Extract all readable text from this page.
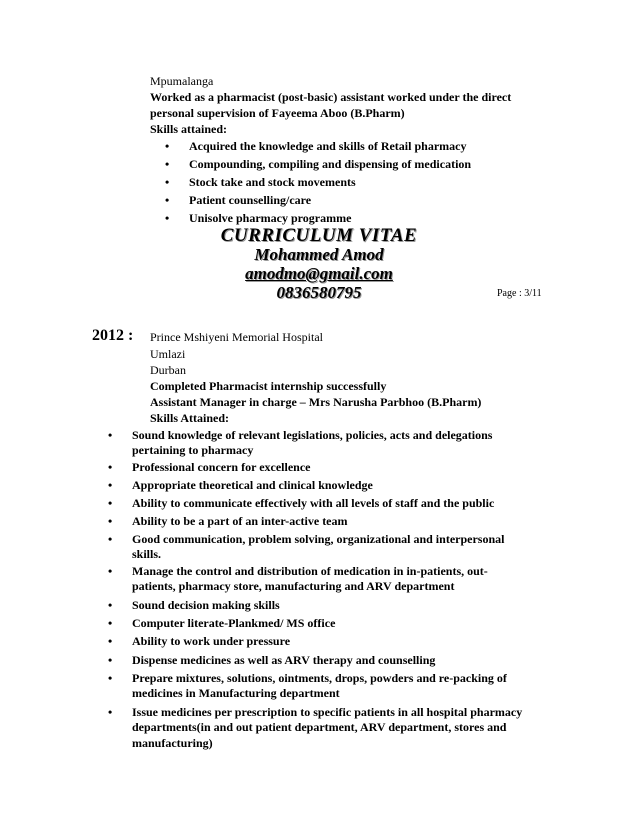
Mpumalanga
Worked as a pharmacist (post-basic) assistant worked under the direct
personal supervision of Fayeema Aboo (B.Pharm)
Skills attained:
• Acquired the knowledge and skills of Retail pharmacy
• Compounding, compiling and dispensing of medication
• Stock take and stock movements
• Patient counselling/care
• Unisolve pharmacy programme
CURRICULUM VITAE
Mohammed Amod
amodmo@gmail.com
0836580795	Page : 3/11
2012 : Prince Mshiyeni Memorial Hospital
Umlazi
Durban
Completed Pharmacist internship successfully
Assistant Manager in charge – Mrs Narusha Parbhoo (B.Pharm)
Skills Attained:
• Sound knowledge of relevant legislations, policies, acts and delegations
pertaining to pharmacy
• Professional concern for excellence
• Appropriate theoretical and clinical knowledge
• Ability to communicate effectively with all levels of staff and the public
• Ability to be a part of an inter-active team
• Good communication, problem solving, organizational and interpersonal
skills.
• Manage the control and distribution of medication in in-patients, out-
patients, pharmacy store, manufacturing and ARV department
• Sound decision making skills
• Computer literate-Plankmed/ MS office
• Ability to work under pressure
• Dispense medicines as well as ARV therapy and counselling
• Prepare mixtures, solutions, ointments, drops, powders and re-packing of
medicines in Manufacturing department
• Issue medicines per prescription to specific patients in all hospital pharmacy
departments(in and out patient department, ARV department, stores and
manufacturing)
